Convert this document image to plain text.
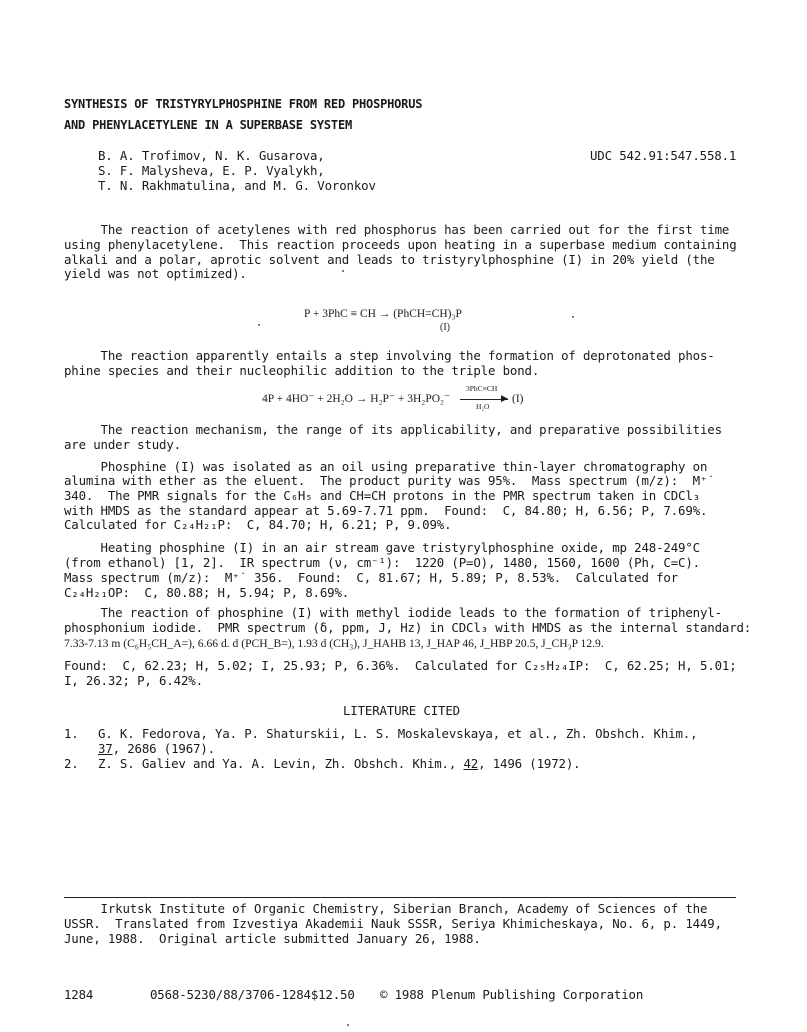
SYNTHESIS OF TRISTYRYLPHOSPHINE FROM RED PHOSPHORUS
AND PHENYLACETYLENE IN A SUPERBASE SYSTEM
B. A. Trofimov, N. K. Gusarova,
S. F. Malysheva, E. P. Vyalykh,
T. N. Rakhmatulina, and M. G. Voronkov
UDC 542.91:547.558.1
The reaction of acetylenes with red phosphorus has been carried out for the first time
using phenylacetylene.  This reaction proceeds upon heating in a superbase medium containing
alkali and a polar, aprotic solvent and leads to tristyrylphosphine (I) in 20% yield (the
yield was not optimized).
P + 3PhC ≡ CH → (PhCH=CH)₃P
(I)
The reaction apparently entails a step involving the formation of deprotonated phos-
phine species and their nucleophilic addition to the triple bond.
4P + 4HO⁻ + 2H₂O → H₂P⁻ + 3H₂PO₂⁻
3PhC≡CH
▶
H₂O
(I)
The reaction mechanism, the range of its applicability, and preparative possibilities
are under study.
Phosphine (I) was isolated as an oil using preparative thin-layer chromatography on
alumina with ether as the eluent.  The product purity was 95%.  Mass spectrum (m/z):  M⁺˙
340.  The PMR signals for the C₆H₅ and CH=CH protons in the PMR spectrum taken in CDCl₃
with HMDS as the standard appear at 5.69-7.71 ppm.  Found:  C, 84.80; H, 6.56; P, 7.69%.
Calculated for C₂₄H₂₁P:  C, 84.70; H, 6.21; P, 9.09%.
Heating phosphine (I) in an air stream gave tristyrylphosphine oxide, mp 248-249°C
(from ethanol) [1, 2].  IR spectrum (ν, cm⁻¹):  1220 (P=O), 1480, 1560, 1600 (Ph, C=C).
Mass spectrum (m/z):  M⁺˙ 356.  Found:  C, 81.67; H, 5.89; P, 8.53%.  Calculated for
C₂₄H₂₁OP:  C, 80.88; H, 5.94; P, 8.69%.
The reaction of phosphine (I) with methyl iodide leads to the formation of triphenyl-
phosphonium iodide.  PMR spectrum (δ, ppm, J, Hz) in CDCl₃ with HMDS as the internal standard:
7.33-7.13 m (C₆H₅CH_A=), 6.66 d. d (PCH_B=), 1.93 d (CH₃), J_HAHB 13, J_HAP 46, J_HBP 20.5, J_CH₃P 12.9.
Found:  C, 62.23; H, 5.02; I, 25.93; P, 6.36%.  Calculated for C₂₅H₂₄IP:  C, 62.25; H, 5.01;
I, 26.32; P, 6.42%.
LITERATURE CITED
1. G. K. Fedorova, Ya. P. Shaturskii, L. S. Moskalevskaya, et al., Zh. Obshch. Khim.,
37, 2686 (1967).
2. Z. S. Galiev and Ya. A. Levin, Zh. Obshch. Khim., 42, 1496 (1972).
Irkutsk Institute of Organic Chemistry, Siberian Branch, Academy of Sciences of the
USSR.  Translated from Izvestiya Akademii Nauk SSSR, Seriya Khimicheskaya, No. 6, p. 1449,
June, 1988.  Original article submitted January 26, 1988.
1284	0568-5230/88/3706-1284$12.50 © 1988 Plenum Publishing Corporation
